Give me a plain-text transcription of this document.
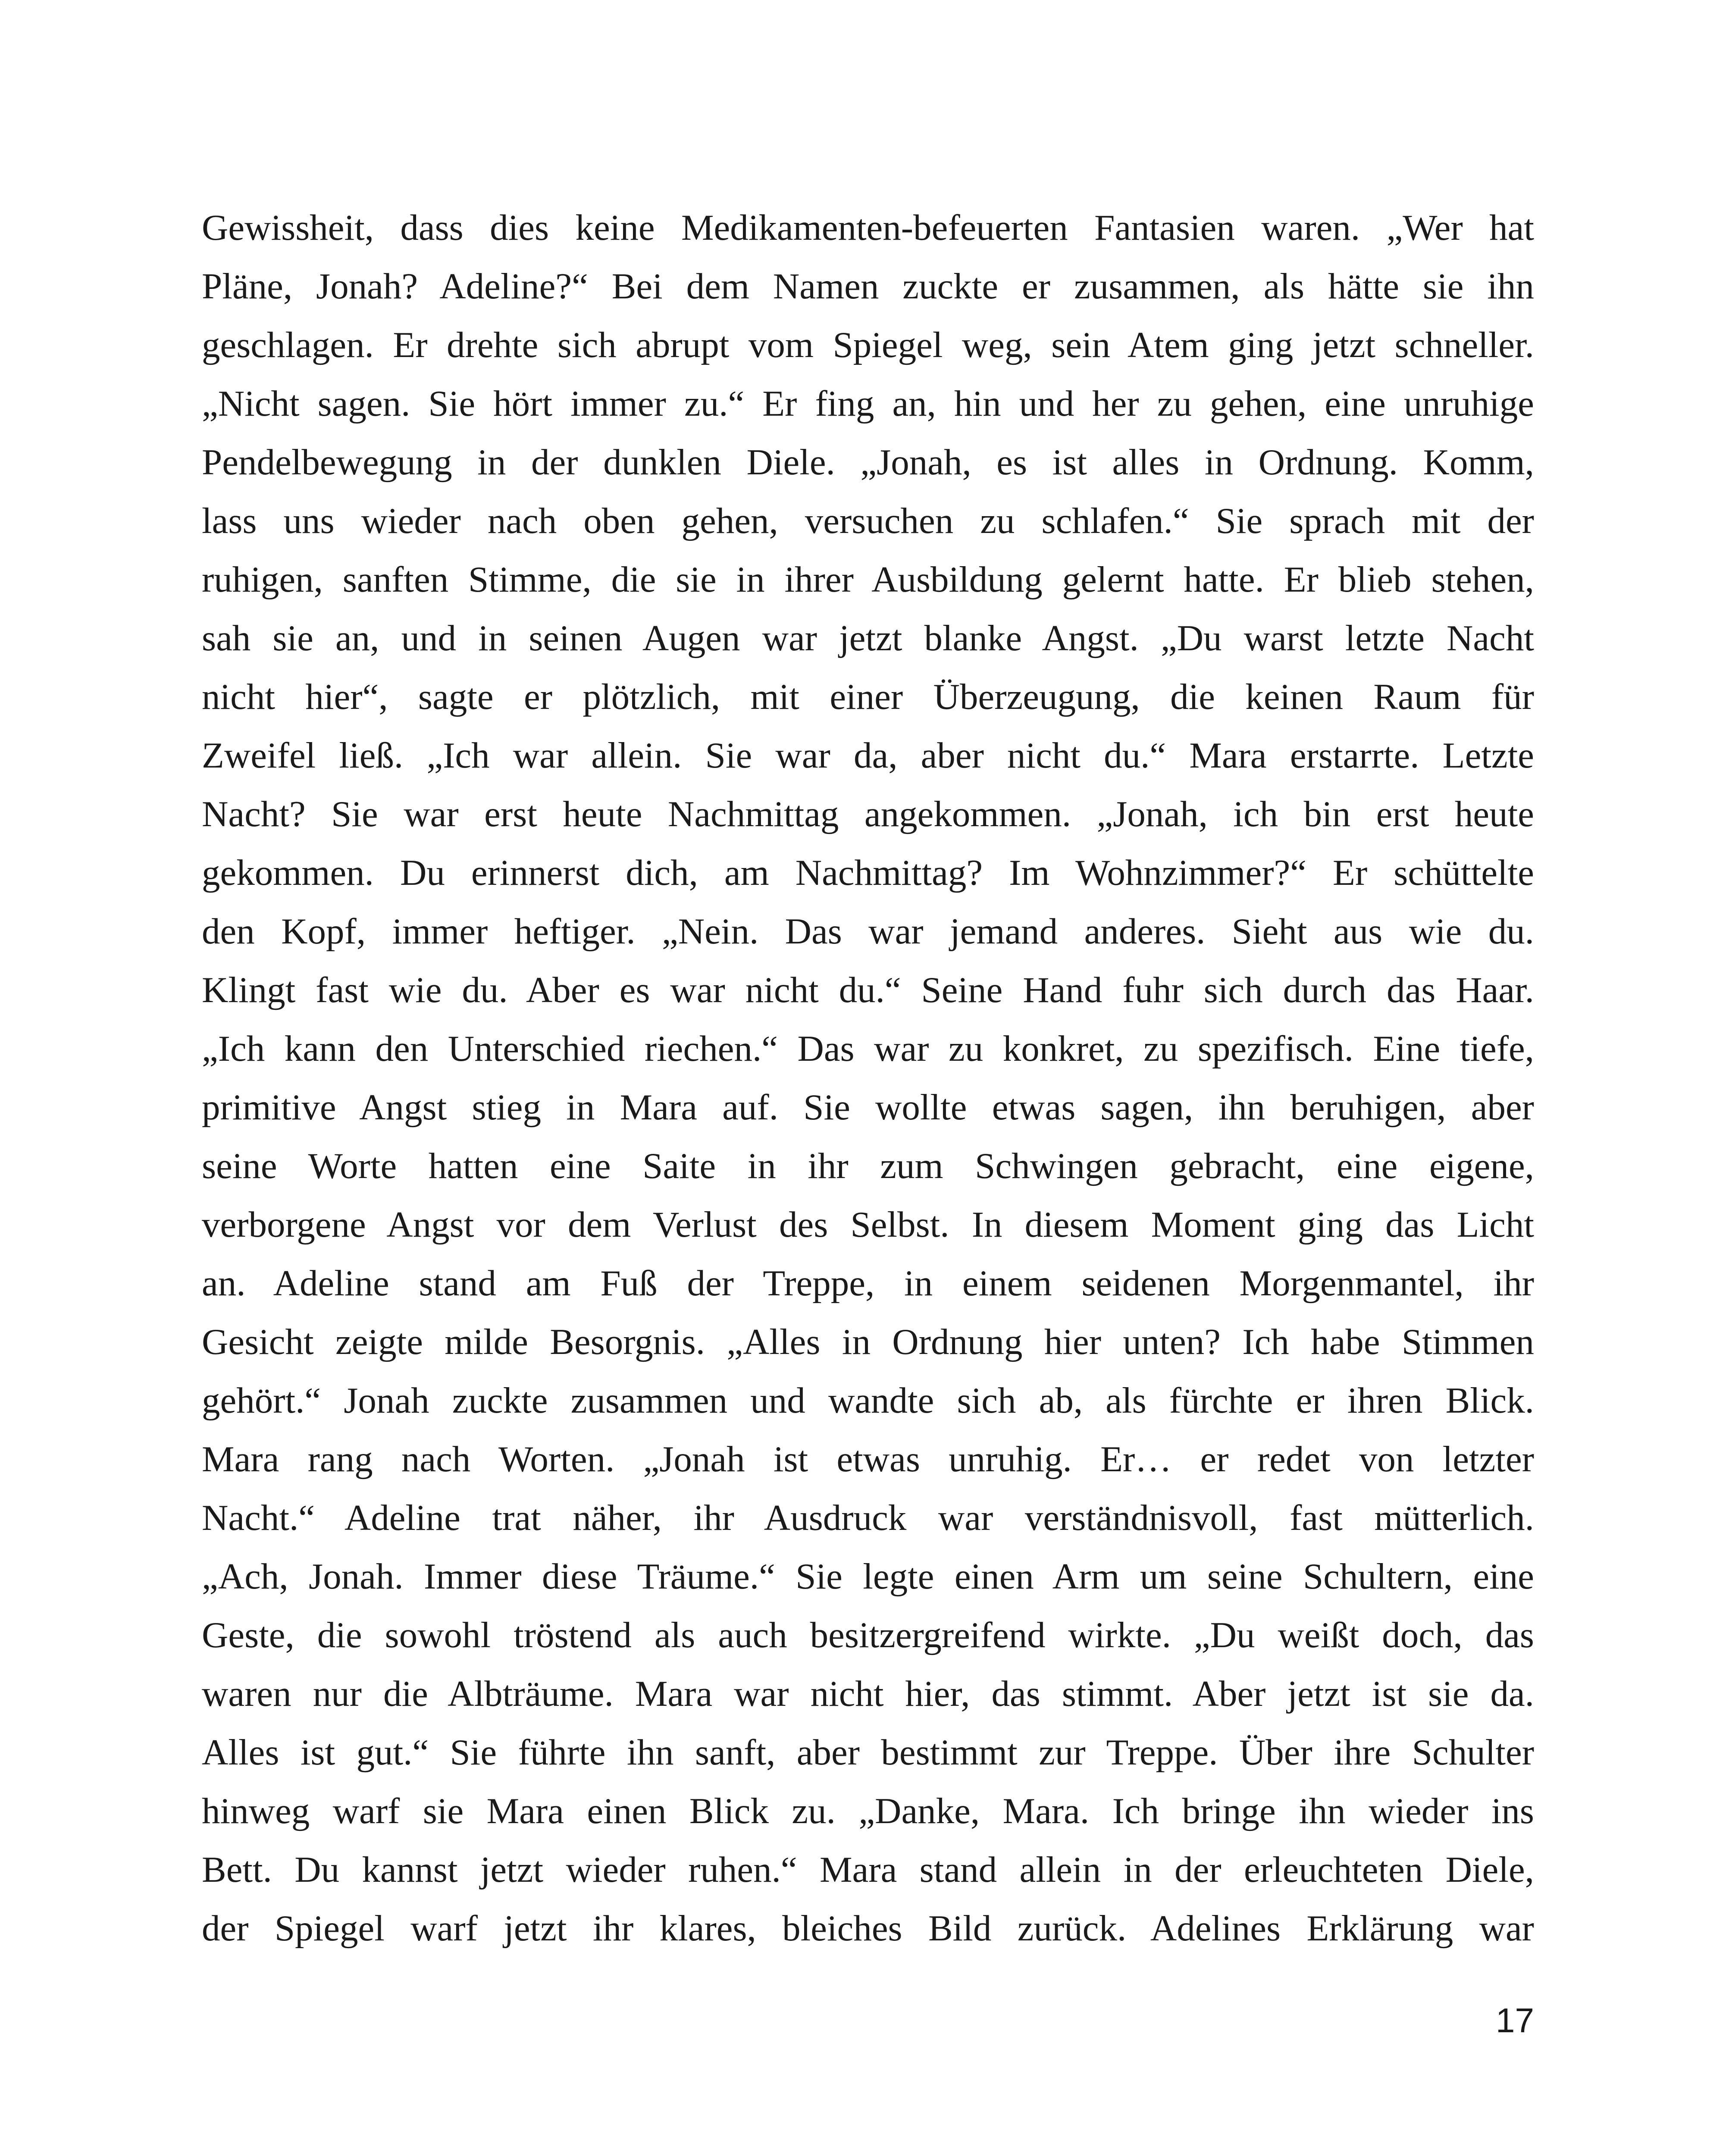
Gewissheit, dass dies keine Medikamenten-befeuerten Fantasien waren. „Wer hat
Pläne, Jonah? Adeline?“ Bei dem Namen zuckte er zusammen, als hätte sie ihn
geschlagen. Er drehte sich abrupt vom Spiegel weg, sein Atem ging jetzt schneller.
„Nicht sagen. Sie hört immer zu.“ Er fing an, hin und her zu gehen, eine unruhige
Pendelbewegung in der dunklen Diele. „Jonah, es ist alles in Ordnung. Komm,
lass uns wieder nach oben gehen, versuchen zu schlafen.“ Sie sprach mit der
ruhigen, sanften Stimme, die sie in ihrer Ausbildung gelernt hatte. Er blieb stehen,
sah sie an, und in seinen Augen war jetzt blanke Angst. „Du warst letzte Nacht
nicht hier“, sagte er plötzlich, mit einer Überzeugung, die keinen Raum für
Zweifel ließ. „Ich war allein. Sie war da, aber nicht du.“ Mara erstarrte. Letzte
Nacht? Sie war erst heute Nachmittag angekommen. „Jonah, ich bin erst heute
gekommen. Du erinnerst dich, am Nachmittag? Im Wohnzimmer?“ Er schüttelte
den Kopf, immer heftiger. „Nein. Das war jemand anderes. Sieht aus wie du.
Klingt fast wie du. Aber es war nicht du.“ Seine Hand fuhr sich durch das Haar.
„Ich kann den Unterschied riechen.“ Das war zu konkret, zu spezifisch. Eine tiefe,
primitive Angst stieg in Mara auf. Sie wollte etwas sagen, ihn beruhigen, aber
seine Worte hatten eine Saite in ihr zum Schwingen gebracht, eine eigene,
verborgene Angst vor dem Verlust des Selbst. In diesem Moment ging das Licht
an. Adeline stand am Fuß der Treppe, in einem seidenen Morgenmantel, ihr
Gesicht zeigte milde Besorgnis. „Alles in Ordnung hier unten? Ich habe Stimmen
gehört.“ Jonah zuckte zusammen und wandte sich ab, als fürchte er ihren Blick.
Mara rang nach Worten. „Jonah ist etwas unruhig. Er… er redet von letzter
Nacht.“ Adeline trat näher, ihr Ausdruck war verständnisvoll, fast mütterlich.
„Ach, Jonah. Immer diese Träume.“ Sie legte einen Arm um seine Schultern, eine
Geste, die sowohl tröstend als auch besitzergreifend wirkte. „Du weißt doch, das
waren nur die Albträume. Mara war nicht hier, das stimmt. Aber jetzt ist sie da.
Alles ist gut.“ Sie führte ihn sanft, aber bestimmt zur Treppe. Über ihre Schulter
hinweg warf sie Mara einen Blick zu. „Danke, Mara. Ich bringe ihn wieder ins
Bett. Du kannst jetzt wieder ruhen.“ Mara stand allein in der erleuchteten Diele,
der Spiegel warf jetzt ihr klares, bleiches Bild zurück. Adelines Erklärung war
17
